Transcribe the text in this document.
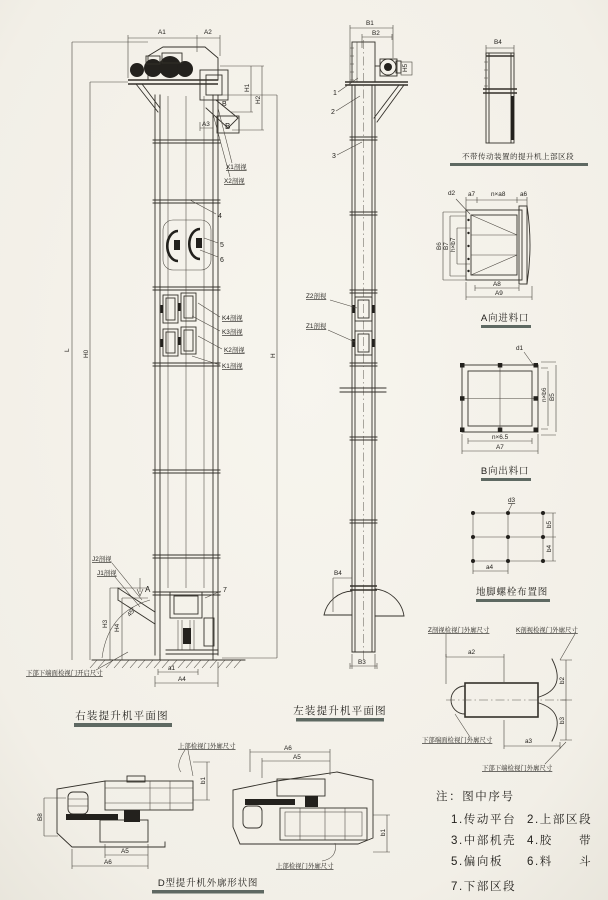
B
B
A3
A1	A2
L H0	H
H1
H2
X1剖视
X2剖视
4
5
6
K4剖视
K3剖视
K2剖视
K1剖视
J2剖视
J1剖视
A
45°
7
H3 H4
a1
A4
下部下端面检视门开启尺寸
右装提升机平面图
B1
B2
H5
Z2剖视
Z1剖视
1
2
3
B4
B3
左装提升机平面图
B4
不带传动装置的提升机上部区段
a7 n×a8 a6
d2
B6 B7 h×b7
A8
A9
A向进料口
d1
n×b6 B5
n×6.5
A7
B向出料口
d3
b5
b4
a4
地脚螺栓布置图
a2
b2
b3
a3
Z剖视检视门外廓尺寸	K剖视检视门外廓尺寸
下部端面检视门外廓尺寸
下部下端检视门外廓尺寸
B8
A5
A6
b1
上部检视门外廓尺寸	A6
A5
b1
上部检视门外廓尺寸
D型提升机外廓形状图
注：图中序号
1.传动平台 2.上部区段
3.中部机壳 4.胶　　带
5.偏向板 6.料　　斗
7.下部区段
